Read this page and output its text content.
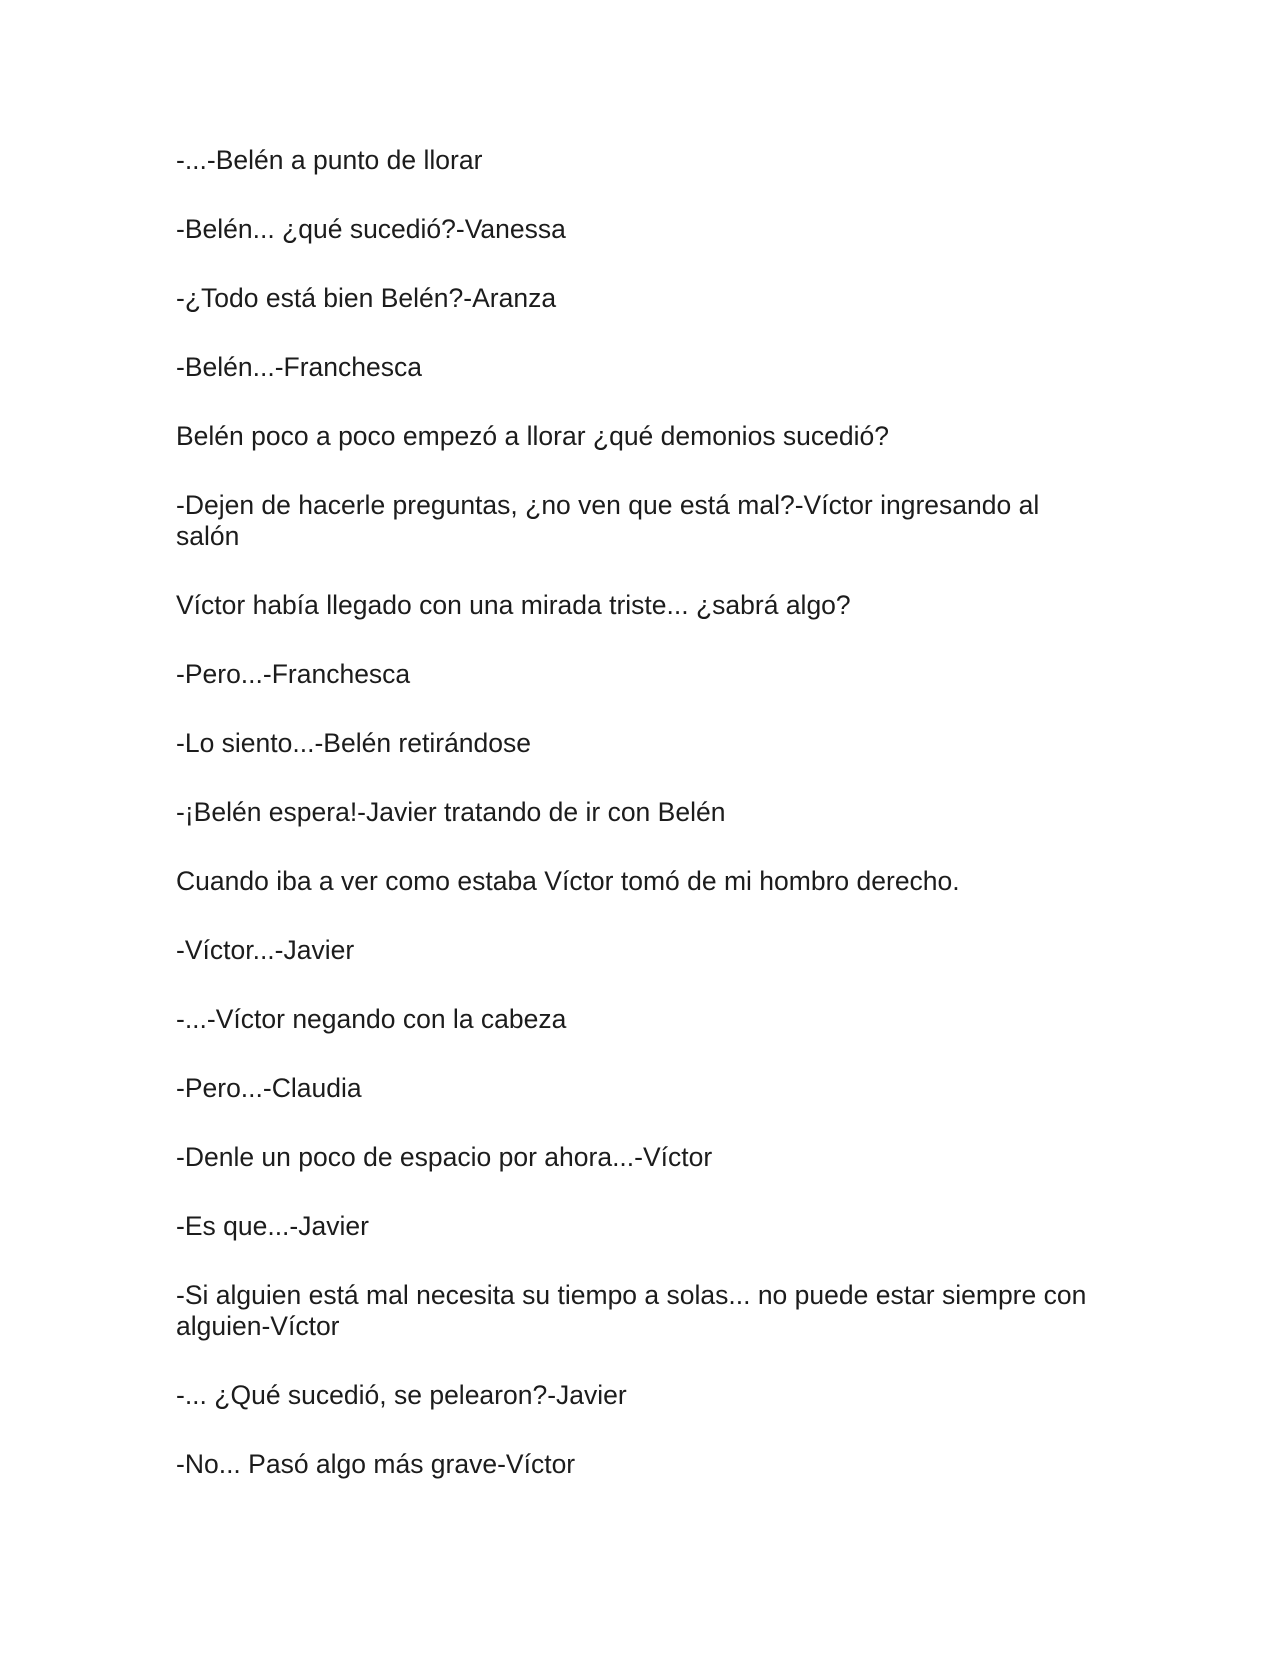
-...-Belén a punto de llorar

-Belén... ¿qué sucedió?-Vanessa

-¿Todo está bien Belén?-Aranza

-Belén...-Franchesca

Belén poco a poco empezó a llorar ¿qué demonios sucedió?

-Dejen de hacerle preguntas, ¿no ven que está mal?-Víctor ingresando al salón

Víctor había llegado con una mirada triste... ¿sabrá algo?

-Pero...-Franchesca

-Lo siento...-Belén retirándose

-¡Belén espera!-Javier tratando de ir con Belén

Cuando iba a ver como estaba Víctor tomó de mi hombro derecho.

-Víctor...-Javier

-...-Víctor negando con la cabeza

-Pero...-Claudia

-Denle un poco de espacio por ahora...-Víctor

-Es que...-Javier

-Si alguien está mal necesita su tiempo a solas... no puede estar siempre con alguien-Víctor

-... ¿Qué sucedió, se pelearon?-Javier

-No... Pasó algo más grave-Víctor
